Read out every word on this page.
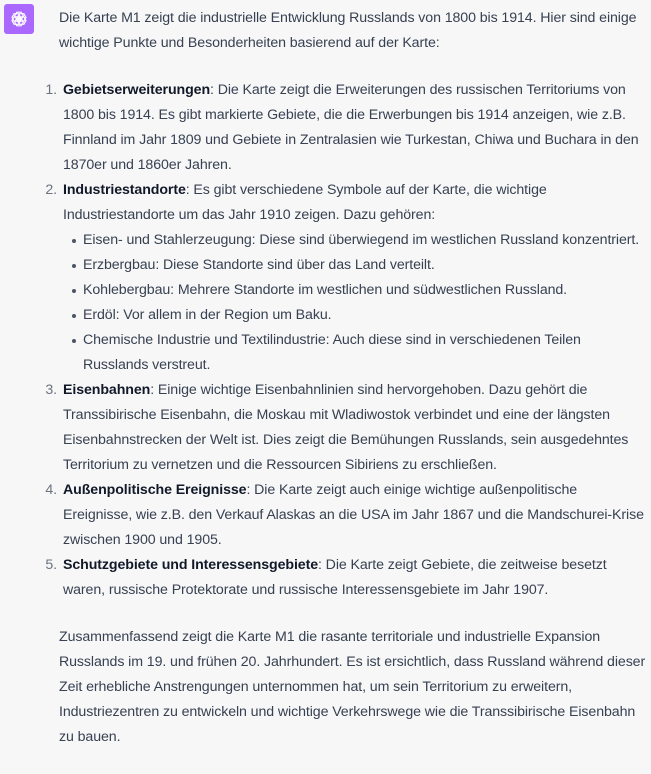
Die Karte M1 zeigt die industrielle Entwicklung Russlands von 1800 bis 1914. Hier sind einige wichtige Punkte und Besonderheiten basierend auf der Karte:

1. Gebietserweiterungen: Die Karte zeigt die Erweiterungen des russischen Territoriums von 1800 bis 1914. Es gibt markierte Gebiete, die die Erwerbungen bis 1914 anzeigen, wie z.B. Finnland im Jahr 1809 und Gebiete in Zentralasien wie Turkestan, Chiwa und Buchara in den 1870er und 1860er Jahren.
2. Industriestandorte: Es gibt verschiedene Symbole auf der Karte, die wichtige Industriestandorte um das Jahr 1910 zeigen. Dazu gehören:
Eisen- und Stahlerzeugung: Diese sind überwiegend im westlichen Russland konzentriert.
Erzbergbau: Diese Standorte sind über das Land verteilt.
Kohlebergbau: Mehrere Standorte im westlichen und südwestlichen Russland.
Erdöl: Vor allem in der Region um Baku.
Chemische Industrie und Textilindustrie: Auch diese sind in verschiedenen Teilen Russlands verstreut.
3. Eisenbahnen: Einige wichtige Eisenbahnlinien sind hervorgehoben. Dazu gehört die Transsibirische Eisenbahn, die Moskau mit Wladiwostok verbindet und eine der längsten Eisenbahnstrecken der Welt ist. Dies zeigt die Bemühungen Russlands, sein ausgedehntes Territorium zu vernetzen und die Ressourcen Sibiriens zu erschließen.
4. Außenpolitische Ereignisse: Die Karte zeigt auch einige wichtige außenpolitische Ereignisse, wie z.B. den Verkauf Alaskas an die USA im Jahr 1867 und die Mandschurei-Krise zwischen 1900 und 1905.
5. Schutzgebiete und Interessensgebiete: Die Karte zeigt Gebiete, die zeitweise besetzt waren, russische Protektorate und russische Interessensgebiete im Jahr 1907.

Zusammenfassend zeigt die Karte M1 die rasante territoriale und industrielle Expansion Russlands im 19. und frühen 20. Jahrhundert. Es ist ersichtlich, dass Russland während dieser Zeit erhebliche Anstrengungen unternommen hat, um sein Territorium zu erweitern, Industriezentren zu entwickeln und wichtige Verkehrswege wie die Transsibirische Eisenbahn zu bauen.
